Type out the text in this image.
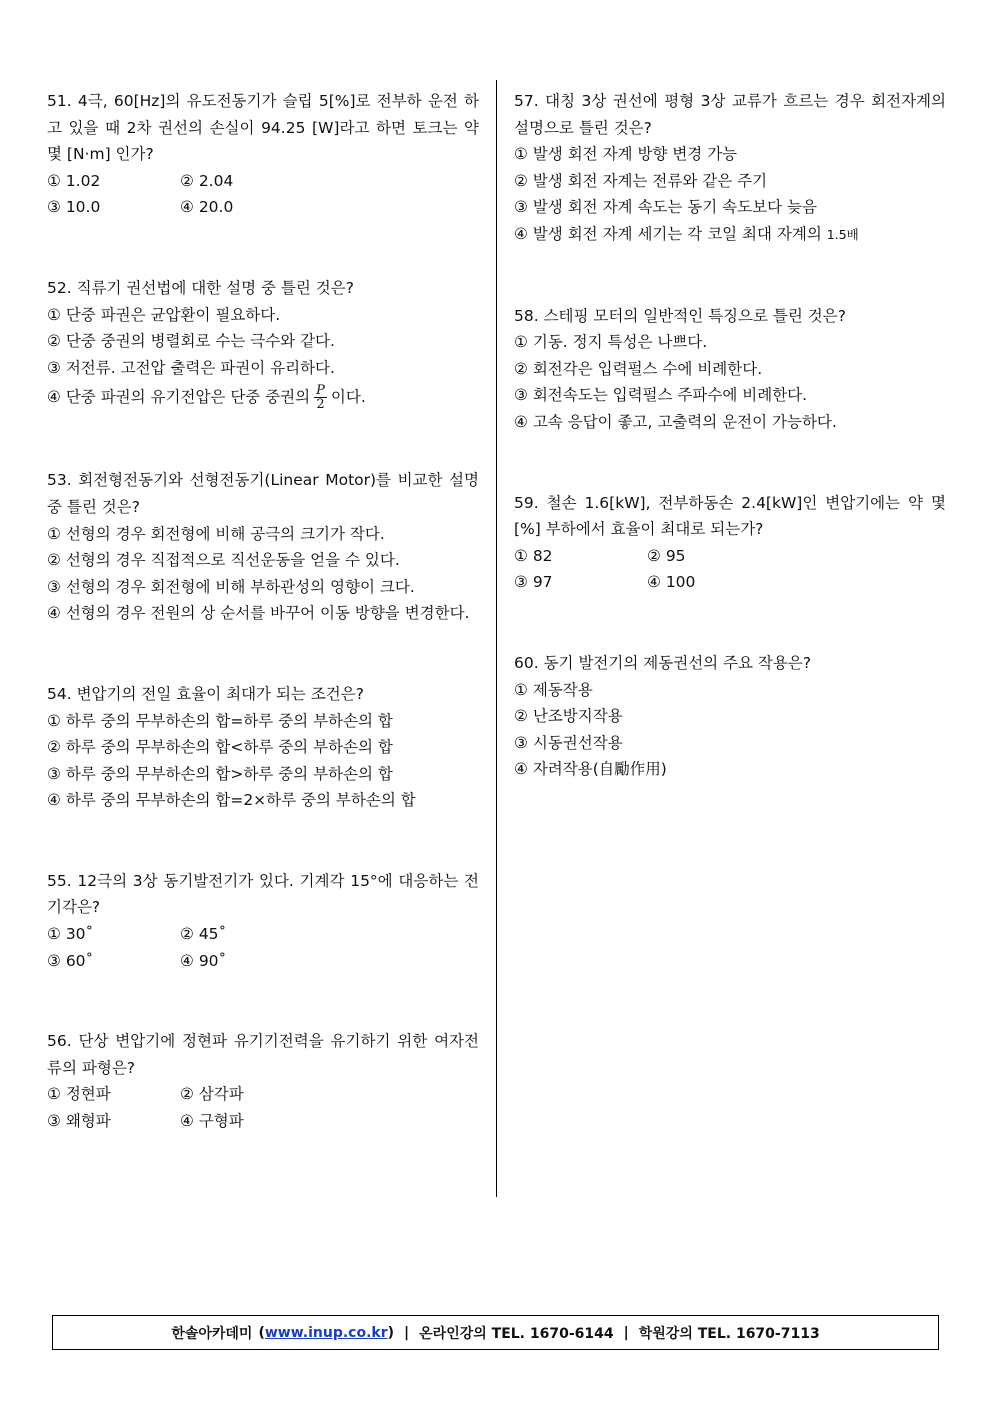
51. 4극, 60[Hz]의 유도전동기가 슬립 5[%]로 전부하 운전 하고 있을 때 2차 권선의 손실이 94.25 [W]라고 하면 토크는 약 몇 [N·m] 인가?
① 1.02	② 2.04
③ 10.0	④ 20.0
52. 직류기 권선법에 대한 설명 중 틀린 것은?
① 단중 파권은 균압환이 필요하다.
② 단중 중권의 병렬회로 수는 극수와 같다.
③ 저전류. 고전압 출력은 파권이 유리하다.
④ 단중 파권의 유기전압은 단중 중권의 $\frac{P}{2}$ 이다.
53. 회전형전동기와 선형전동기(Linear Motor)를 비교한 설명 중 틀린 것은?
① 선형의 경우 회전형에 비해 공극의 크기가 작다.
② 선형의 경우 직접적으로 직선운동을 얻을 수 있다.
③ 선형의 경우 회전형에 비해 부하관성의 영향이 크다.
④ 선형의 경우 전원의 상 순서를 바꾸어 이동 방향을 변경한다.
54. 변압기의 전일 효율이 최대가 되는 조건은?
① 하루 중의 무부하손의 합=하루 중의 부하손의 합
② 하루 중의 무부하손의 합<하루 중의 부하손의 합
③ 하루 중의 무부하손의 합>하루 중의 부하손의 합
④ 하루 중의 무부하손의 합=2×하루 중의 부하손의 합
55. 12극의 3상 동기발전기가 있다. 기계각 15°에 대응하는 전기각은?
① 30˚	② 45˚
③ 60˚	④ 90˚
56. 단상 변압기에 정현파 유기기전력을 유기하기 위한 여자전류의 파형은?
① 정현파	② 삼각파
③ 왜형파	④ 구형파
57. 대칭 3상 권선에 평형 3상 교류가 흐르는 경우 회전자계의 설명으로 틀린 것은?
① 발생 회전 자계 방향 변경 가능
② 발생 회전 자계는 전류와 같은 주기
③ 발생 회전 자계 속도는 동기 속도보다 늦음
④ 발생 회전 자계 세기는 각 코일 최대 자계의 1.5배
58. 스테핑 모터의 일반적인 특징으로 틀린 것은?
① 기동. 정지 특성은 나쁘다.
② 회전각은 입력펄스 수에 비례한다.
③ 회전속도는 입력펄스 주파수에 비례한다.
④ 고속 응답이 좋고, 고출력의 운전이 가능하다.
59. 철손 1.6[kW], 전부하동손 2.4[kW]인 변압기에는 약 몇 [%] 부하에서 효율이 최대로 되는가?
① 82	② 95
③ 97	④ 100
60. 동기 발전기의 제동권선의 주요 작용은?
① 제동작용
② 난조방지작용
③ 시동권선작용
④ 자려작용(自勵作用)
한솔아카데미 ( www.inup.co.kr ) | 온라인강의 TEL. 1670-6144 | 학원강의 TEL. 1670-7113
